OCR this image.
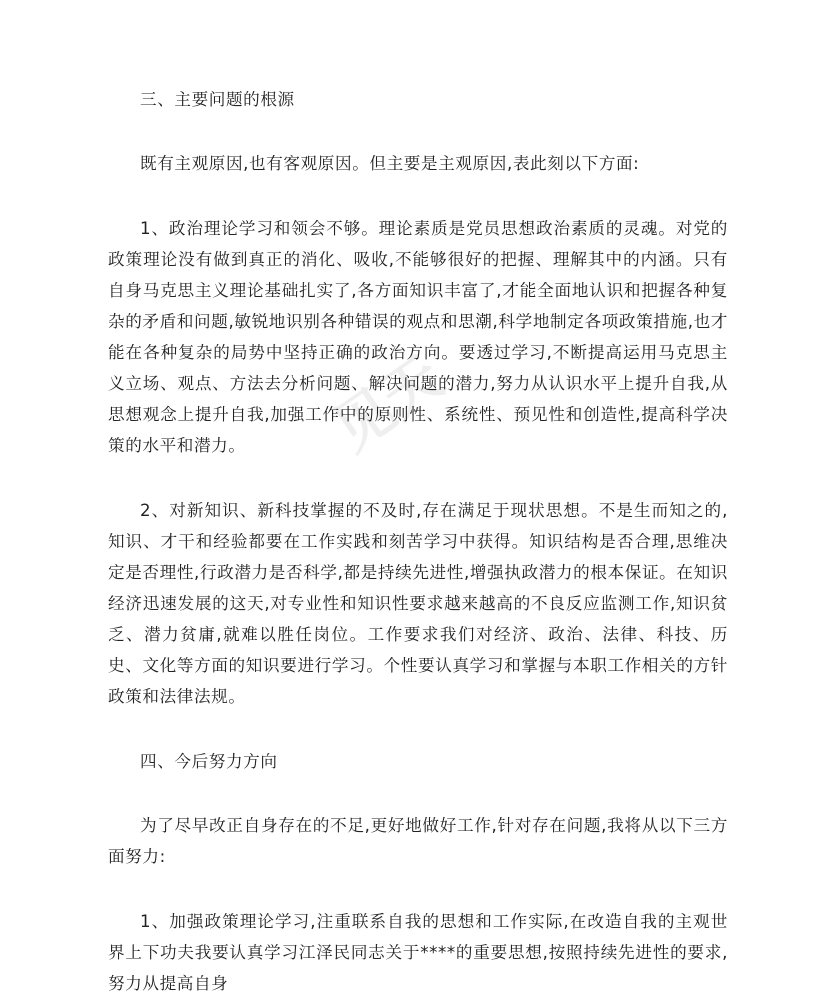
见天

三、主要问题的根源

既有主观原因,也有客观原因。但主要是主观原因,表此刻以下方面:

1、政治理论学习和领会不够。理论素质是党员思想政治素质的灵魂。对党的政策理论没有做到真正的消化、吸收,不能够很好的把握、理解其中的内涵。只有自身马克思主义理论基础扎实了,各方面知识丰富了,才能全面地认识和把握各种复杂的矛盾和问题,敏锐地识别各种错误的观点和思潮,科学地制定各项政策措施,也才能在各种复杂的局势中坚持正确的政治方向。要透过学习,不断提高运用马克思主义立场、观点、方法去分析问题、解决问题的潜力,努力从认识水平上提升自我,从思想观念上提升自我,加强工作中的原则性、系统性、预见性和创造性,提高科学决策的水平和潜力。

2、对新知识、新科技掌握的不及时,存在满足于现状思想。不是生而知之的,知识、才干和经验都要在工作实践和刻苦学习中获得。知识结构是否合理,思维决定是否理性,行政潜力是否科学,都是持续先进性,增强执政潜力的根本保证。在知识经济迅速发展的这天,对专业性和知识性要求越来越高的不良反应监测工作,知识贫乏、潜力贫庸,就难以胜任岗位。工作要求我们对经济、政治、法律、科技、历史、文化等方面的知识要进行学习。个性要认真学习和掌握与本职工作相关的方针政策和法律法规。

四、今后努力方向

为了尽早改正自身存在的不足,更好地做好工作,针对存在问题,我将从以下三方面努力:

1、加强政策理论学习,注重联系自我的思想和工作实际,在改造自我的主观世界上下功夫我要认真学习江泽民同志关于****的重要思想,按照持续先进性的要求,努力从提高自身
